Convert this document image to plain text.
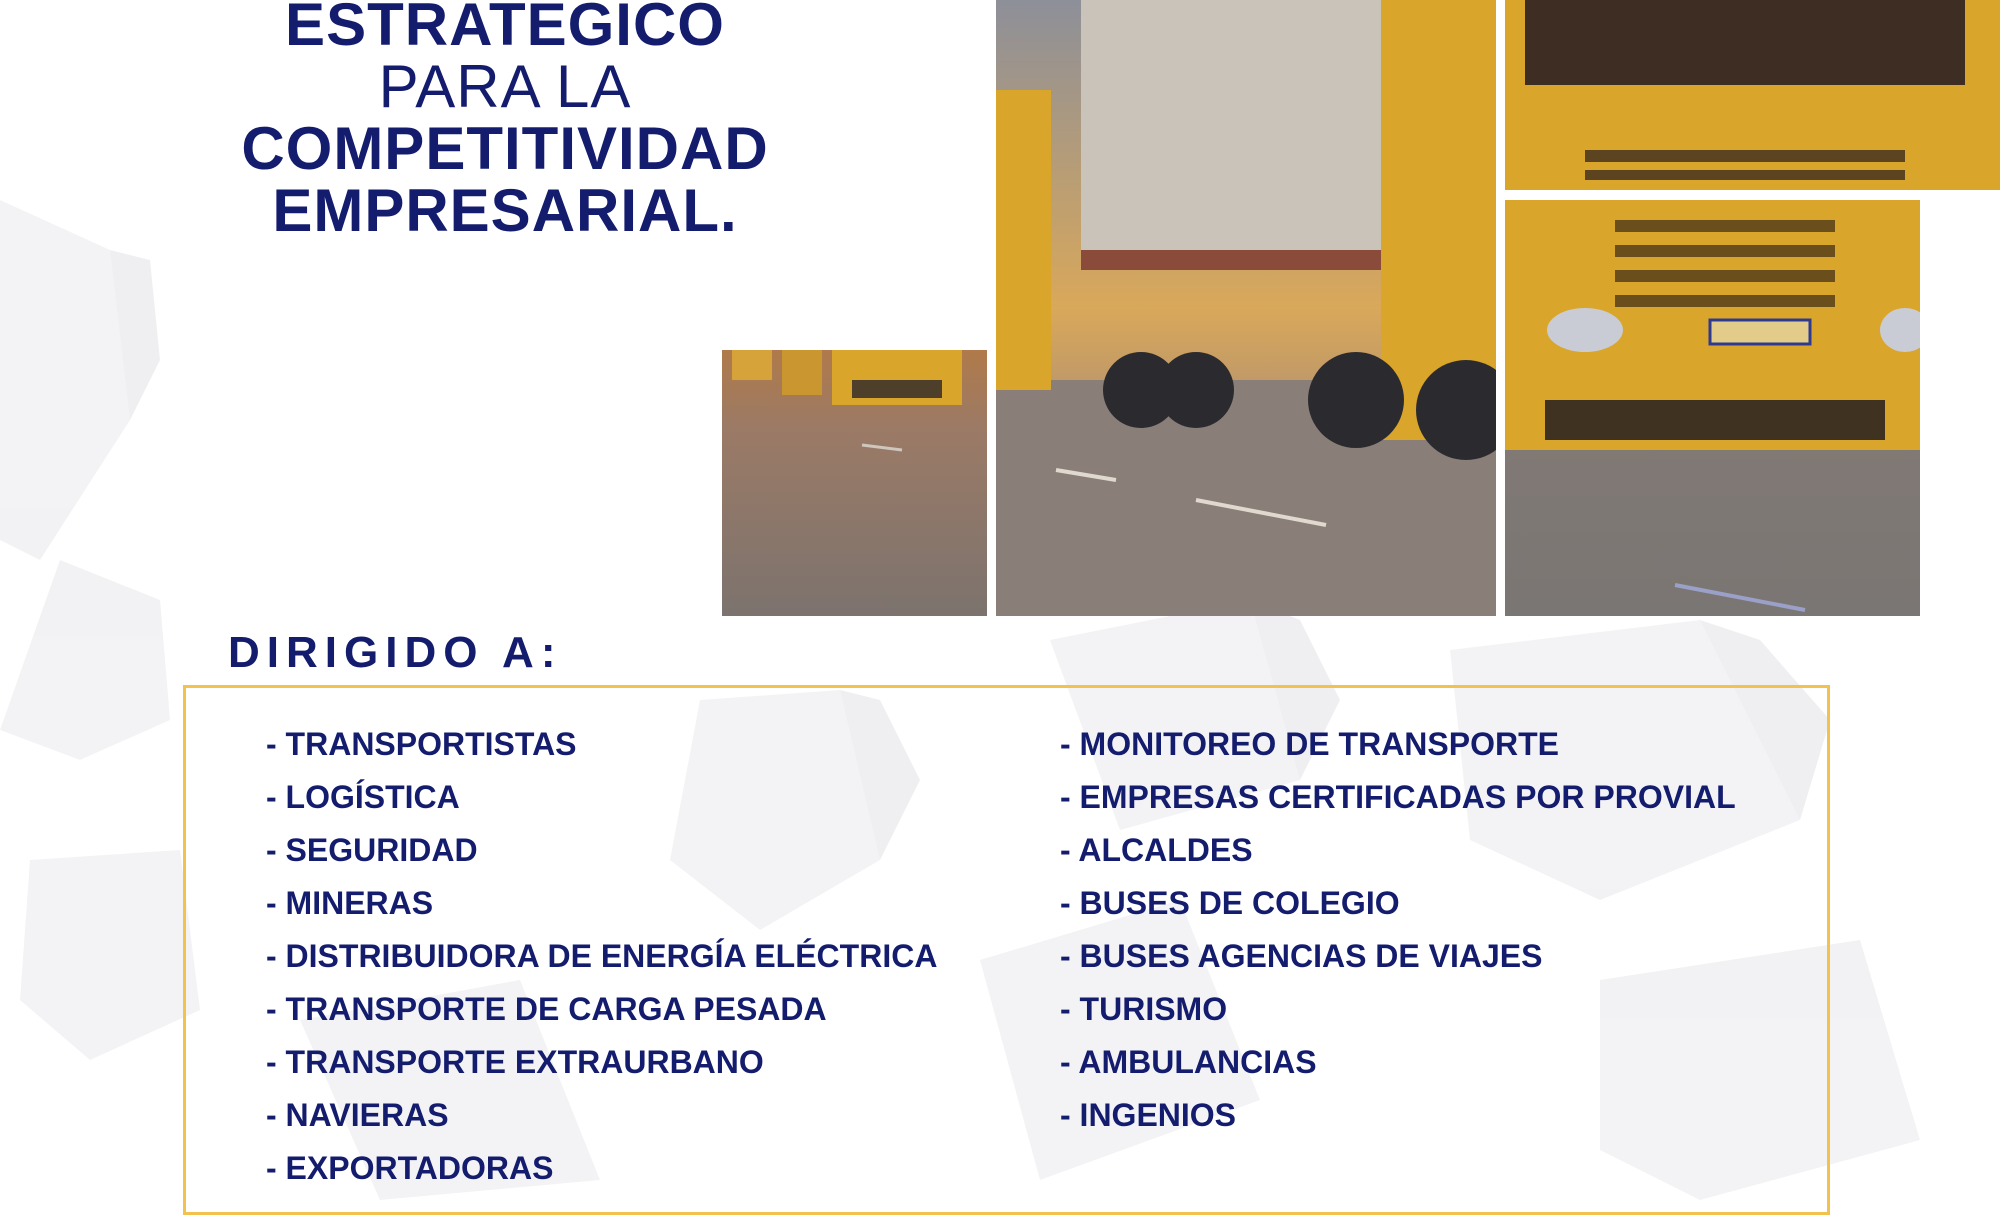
ESTRATEGICO
PARA LA
COMPETITIVIDAD
EMPRESARIAL.
DIRIGIDO A:
- TRANSPORTISTAS
- LOGÍSTICA
- SEGURIDAD
- MINERAS
- DISTRIBUIDORA DE ENERGÍA ELÉCTRICA
- TRANSPORTE DE CARGA PESADA
- TRANSPORTE EXTRAURBANO
- NAVIERAS
- EXPORTADORAS
- MONITOREO DE TRANSPORTE
- EMPRESAS CERTIFICADAS POR PROVIAL
- ALCALDES
- BUSES DE COLEGIO
- BUSES AGENCIAS DE VIAJES
- TURISMO
- AMBULANCIAS
- INGENIOS
